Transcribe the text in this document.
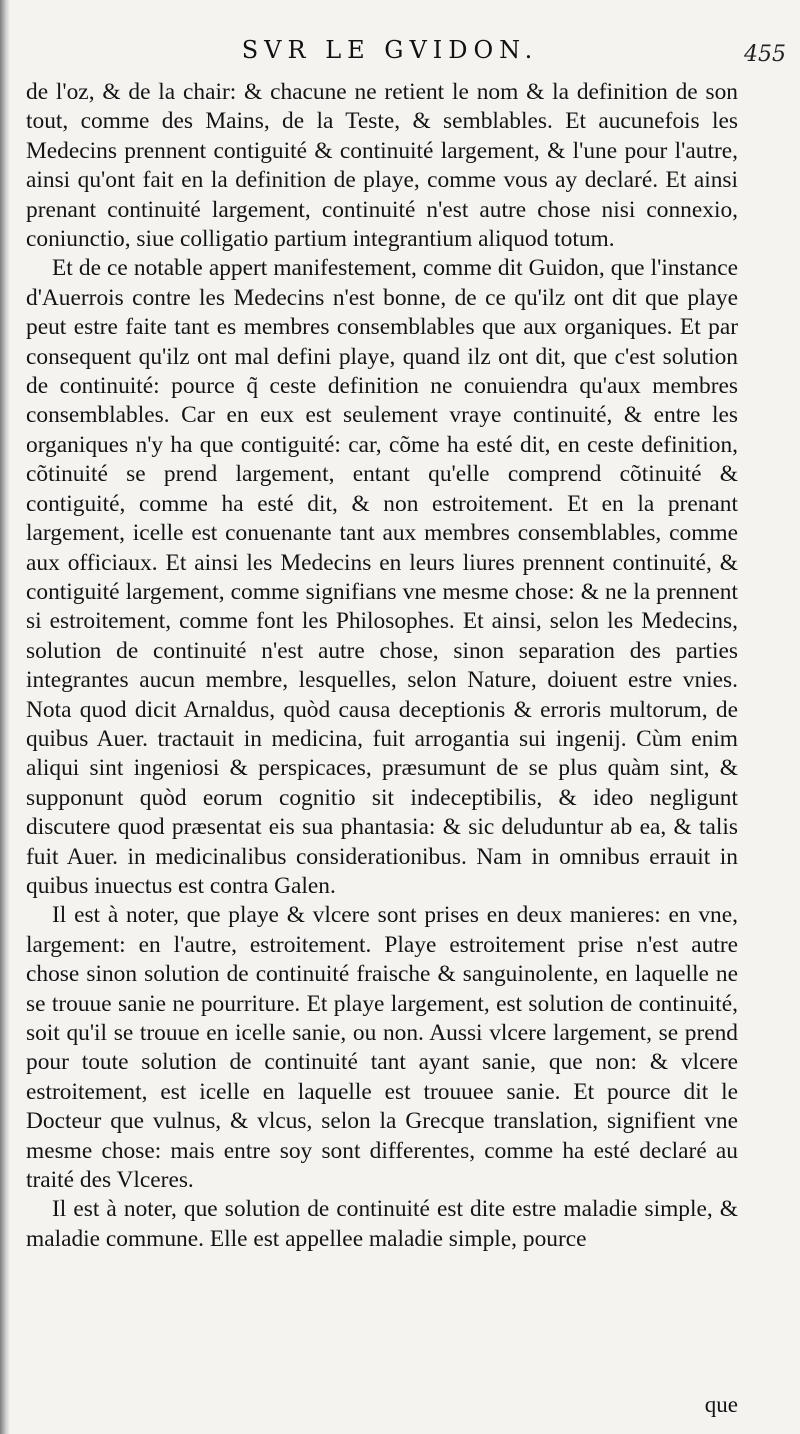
SVR LE GVIDON.	455

de l'oz, & de la chair: & chacune ne retient le nom & la definition de son tout, comme des Mains, de la Teste, & semblables. Et aucunefois les Medecins prennent contiguité & continuité largement, & l'une pour l'autre, ainsi qu'ont fait en la definition de playe, comme vous ay declaré. Et ainsi prenant continuité largement, continuité n'est autre chose nisi connexio, coniunctio, siue colligatio partium integrantium aliquod totum.

Et de ce notable appert manifestement, comme dit Guidon, que l'instance d'Auerrois contre les Medecins n'est bonne, de ce qu'ilz ont dit que playe peut estre faite tant es membres consemblables que aux organiques. Et par consequent qu'ilz ont mal defini playe, quand ilz ont dit, que c'est solution de continuité: pource q̃ ceste definition ne conuiendra qu'aux membres consemblables. Car en eux est seulement vraye continuité, & entre les organiques n'y ha que contiguité: car, cõme ha esté dit, en ceste definition, cõtinuité se prend largement, entant qu'elle comprend cõtinuité & contiguité, comme ha esté dit, & non estroitement. Et en la prenant largement, icelle est conuenante tant aux membres consemblables, comme aux officiaux. Et ainsi les Medecins en leurs liures prennent continuité, & contiguité largement, comme signifians vne mesme chose: & ne la prennent si estroitement, comme font les Philosophes. Et ainsi, selon les Medecins, solution de continuité n'est autre chose, sinon separation des parties integrantes aucun membre, lesquelles, selon Nature, doiuent estre vnies. Nota quod dicit Arnaldus, quòd causa deceptionis & erroris multorum, de quibus Auer. tractauit in medicina, fuit arrogantia sui ingenij. Cùm enim aliqui sint ingeniosi & perspicaces, præsumunt de se plus quàm sint, & supponunt quòd eorum cognitio sit indeceptibilis, & ideo negligunt discutere quod præsentat eis sua phantasia: & sic deluduntur ab ea, & talis fuit Auer. in medicinalibus considerationibus. Nam in omnibus errauit in quibus inuectus est contra Galen.

Il est à noter, que playe & vlcere sont prises en deux manieres: en vne, largement: en l'autre, estroitement. Playe estroitement prise n'est autre chose sinon solution de continuité fraische & sanguinolente, en laquelle ne se trouue sanie ne pourriture. Et playe largement, est solution de continuité, soit qu'il se trouue en icelle sanie, ou non. Aussi vlcere largement, se prend pour toute solution de continuité tant ayant sanie, que non: & vlcere estroitement, est icelle en laquelle est trouuee sanie. Et pource dit le Docteur que vulnus, & vlcus, selon la Grecque translation, signifient vne mesme chose: mais entre soy sont differentes, comme ha esté declaré au traité des Vlceres.

Il est à noter, que solution de continuité est dite estre maladie simple, & maladie commune. Elle est appellee maladie simple, pource

que
